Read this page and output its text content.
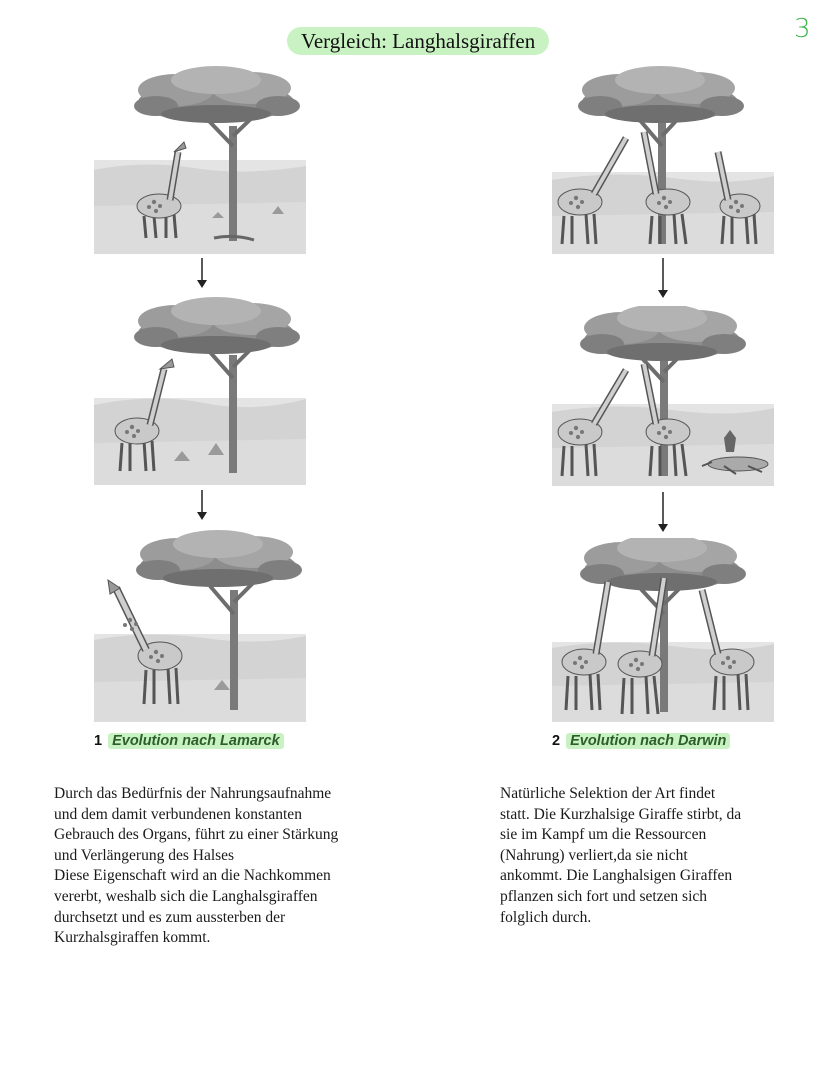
3
Vergleich: Langhalsgiraffen
1 Evolution nach Lamarck	2 Evolution nach Darwin
Durch das Bedürfnis der Nahrungsaufnahme
und dem damit verbundenen konstanten
Gebrauch des Organs, führt zu einer Stärkung
und Verlängerung des Halses
Diese Eigenschaft wird an die Nachkommen
vererbt, weshalb sich die Langhalsgiraffen
durchsetzt und es zum aussterben der
Kurzhalsgiraffen kommt.
Natürliche Selektion der Art findet
statt. Die Kurzhalsige Giraffe stirbt, da
sie im Kampf um die Ressourcen
(Nahrung) verliert,da sie nicht
ankommt. Die Langhalsigen Giraffen
pflanzen sich fort und setzen sich
folglich durch.
